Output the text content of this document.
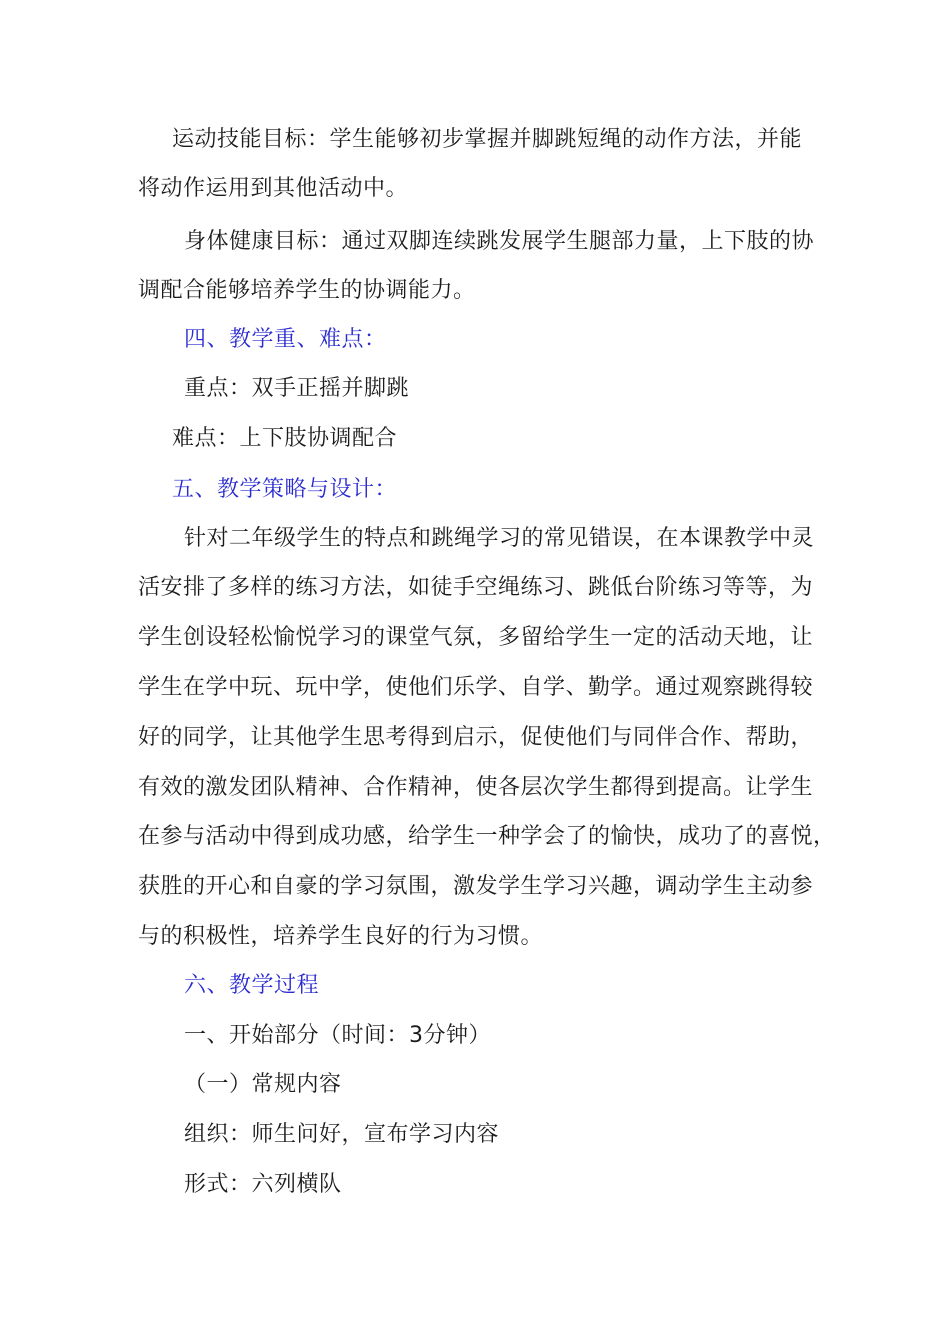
运动技能目标：学生能够初步掌握并脚跳短绳的动作方法，并能
将动作运用到其他活动中。
身体健康目标：通过双脚连续跳发展学生腿部力量，上下肢的协
调配合能够培养学生的协调能力。
四、教学重、难点：
重点：双手正摇并脚跳
难点：上下肢协调配合
五、教学策略与设计：
针对二年级学生的特点和跳绳学习的常见错误，在本课教学中灵
活安排了多样的练习方法，如徒手空绳练习、跳低台阶练习等等，为
学生创设轻松愉悦学习的课堂气氛，多留给学生一定的活动天地，让
学生在学中玩、玩中学，使他们乐学、自学、勤学。通过观察跳得较
好的同学，让其他学生思考得到启示，促使他们与同伴合作、帮助，
有效的激发团队精神、合作精神，使各层次学生都得到提高。让学生
在参与活动中得到成功感，给学生一种学会了的愉快，成功了的喜悦，
获胜的开心和自豪的学习氛围，激发学生学习兴趣，调动学生主动参
与的积极性，培养学生良好的行为习惯。
六、教学过程
一、开始部分（时间：3分钟）
（一）常规内容
组织：师生问好，宣布学习内容
形式：六列横队
